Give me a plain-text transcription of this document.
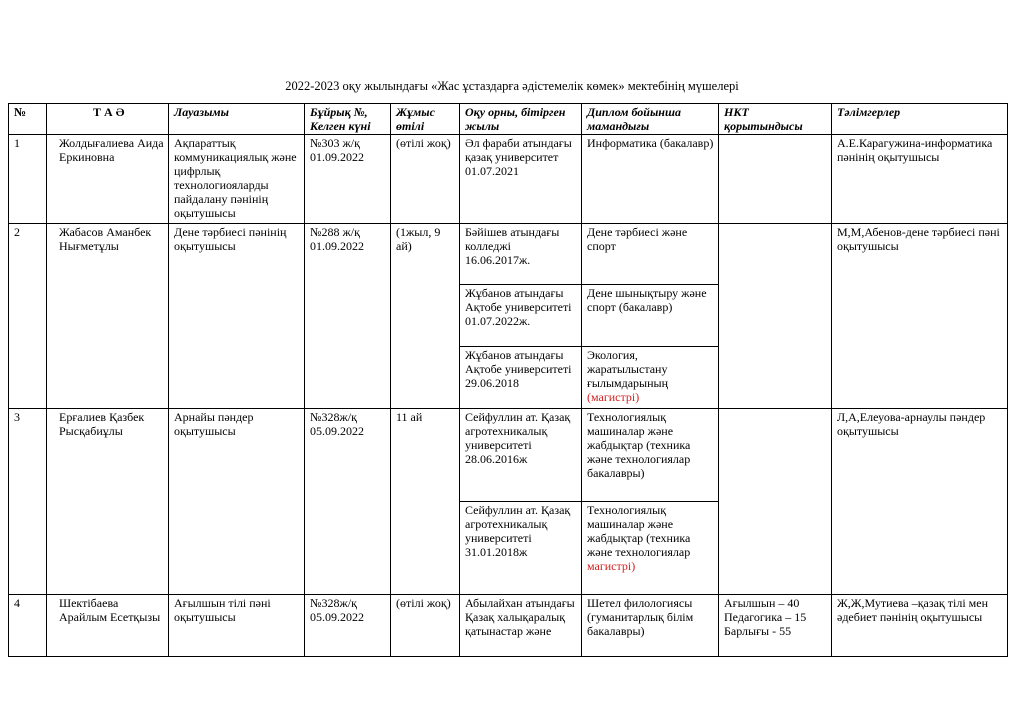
2022-2023 оқу жылындағы «Жас ұстаздарға әдістемелік көмек» мектебінің мүшелері
№	Т А Ә	Лауазымы	Бұйрық №, Келген күні	Жұмыс өтілі	Оқу орны, бітірген жылы	Диплом бойынша мамандығы	НКТ қорытындысы	Тәлімгерлер
1	Жолдығалиева Аида Еркиновна	Ақпараттық коммуникациялық және цифрлық технологиояларды пайдалану пәнінің оқытушысы	№303 ж/қ 01.09.2022	(өтілі жоқ)	Әл фараби атындағы қазақ университет 01.07.2021	Информатика (бакалавр)		А.Е.Карагужина-информатика пәнінің оқытушысы
2	Жабасов Аманбек Нығметұлы	Дене тәрбиесі пәнінің оқытушысы	№288 ж/қ 01.09.2022	(1жыл, 9 ай)	Бәйішев атындағы колледжі 16.06.2017ж.	Дене тәрбиесі және спорт		М,М,Абенов-дене тәрбиесі пәні оқытушысы
					Жұбанов атындағы Ақтобе университеті 01.07.2022ж.	Дене шынықтыру және спорт (бакалавр)		
					Жұбанов атындағы Ақтобе университеті 29.06.2018	Экология, жаратылыстану ғылымдарының (магистрі)		
3	Ерғалиев Қазбек Рысқабиұлы	Арнайы пәндер оқытушысы	№328ж/қ 05.09.2022	11 ай	Сейфуллин ат. Қазақ агротехникалық университеті 28.06.2016ж	Технологиялық машиналар және жабдықтар (техника және технологиялар бакалавры)		Л,А,Елеуова-арнаулы пәндер оқытушысы
					Сейфуллин ат. Қазақ агротехникалық университеті 31.01.2018ж	Технологиялық машиналар және жабдықтар (техника және технологиялар магистрі)		
4	Шектібаева Арайлым Есетқызы	Ағылшын тілі пәні оқытушысы	№328ж/қ 05.09.2022	(өтілі жоқ)	Абылайхан атындағы Қазақ халықаралық қатынастар және	Шетел филологиясы (гуманитарлық білім бакалавры)	Ағылшын – 40 Педагогика – 15 Барлығы - 55	Ж,Ж,Мутиева –қазақ тілі мен әдебиет пәнінің оқытушысы
